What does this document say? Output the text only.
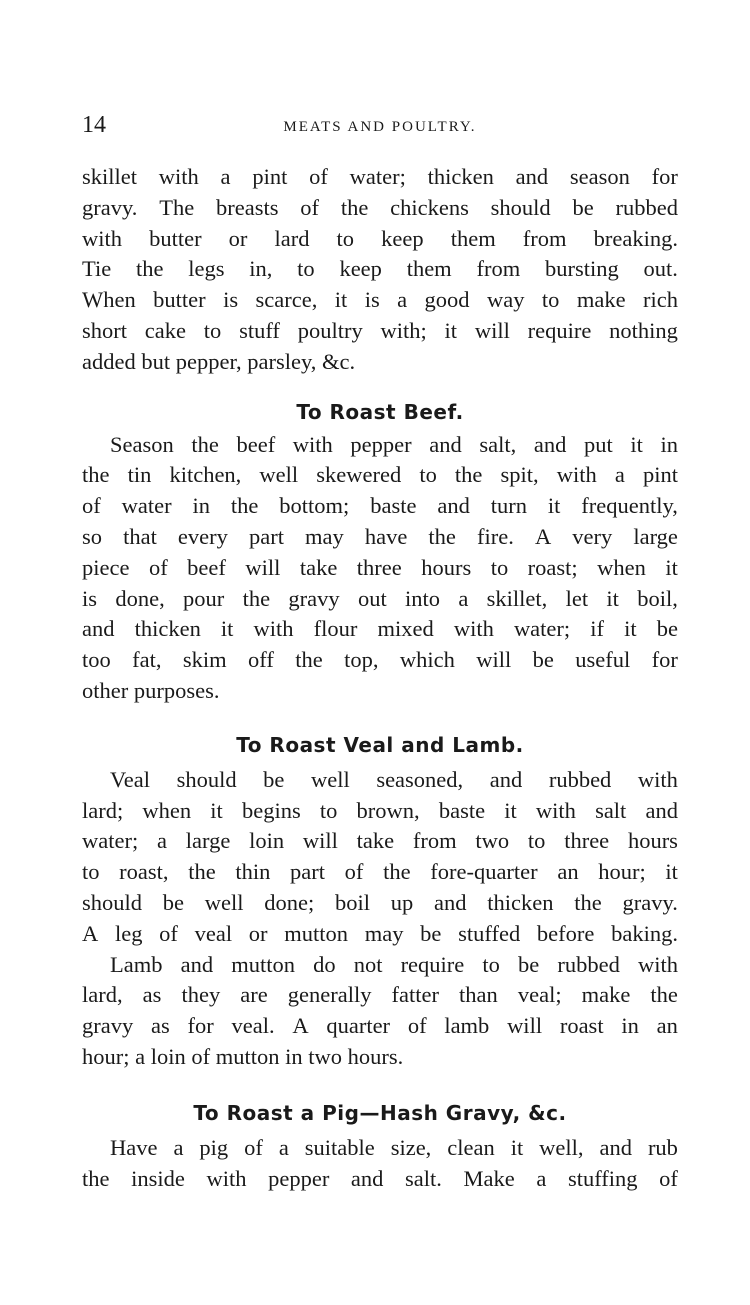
14	MEATS AND POULTRY.
skillet with a pint of water; thicken and season for
gravy. The breasts of the chickens should be rubbed
with butter or lard to keep them from breaking.
Tie the legs in, to keep them from bursting out.
When butter is scarce, it is a good way to make rich
short cake to stuff poultry with; it will require nothing
added but pepper, parsley, &c.
To Roast Beef.
Season the beef with pepper and salt, and put it in
the tin kitchen, well skewered to the spit, with a pint
of water in the bottom; baste and turn it frequently,
so that every part may have the fire. A very large
piece of beef will take three hours to roast; when it
is done, pour the gravy out into a skillet, let it boil,
and thicken it with flour mixed with water; if it be
too fat, skim off the top, which will be useful for
other purposes.
To Roast Veal and Lamb.
Veal should be well seasoned, and rubbed with
lard; when it begins to brown, baste it with salt and
water; a large loin will take from two to three hours
to roast, the thin part of the fore-quarter an hour; it
should be well done; boil up and thicken the gravy.
A leg of veal or mutton may be stuffed before baking.
Lamb and mutton do not require to be rubbed with
lard, as they are generally fatter than veal; make the
gravy as for veal. A quarter of lamb will roast in an
hour; a loin of mutton in two hours.
To Roast a Pig—Hash Gravy, &c.
Have a pig of a suitable size, clean it well, and rub
the inside with pepper and salt. Make a stuffing of
